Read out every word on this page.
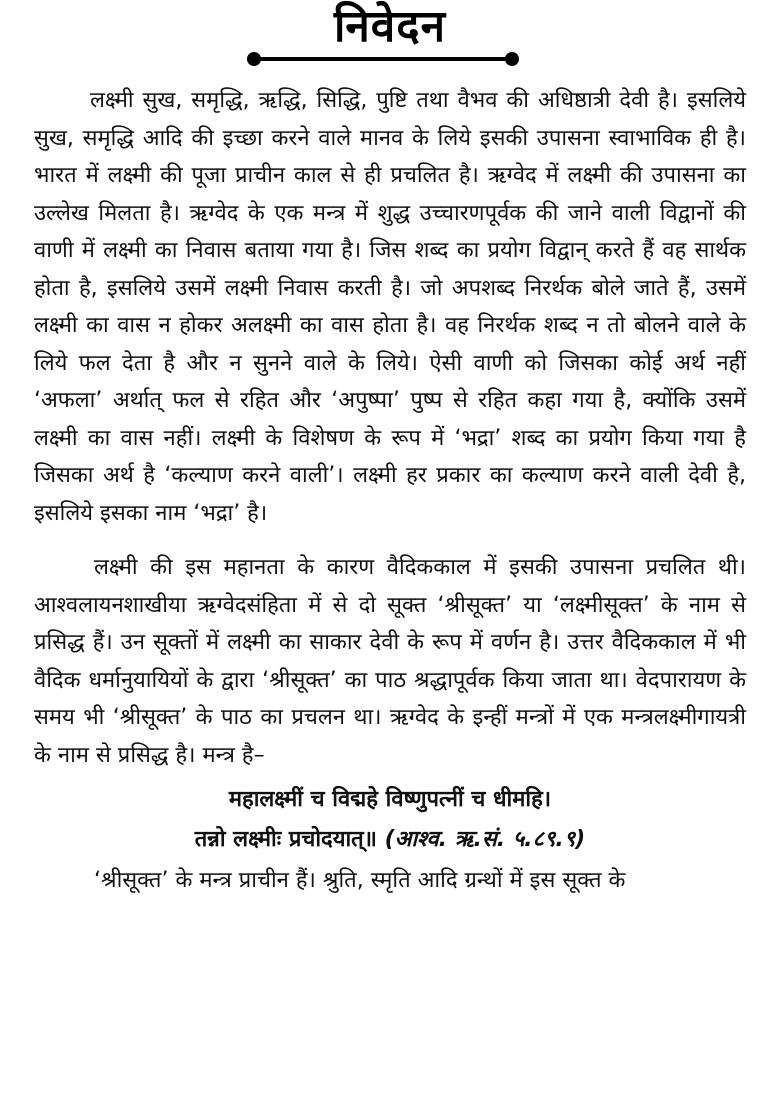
निवेदन

लक्ष्मी सुख, समृद्धि, ऋद्धि, सिद्धि, पुष्टि तथा वैभव की अधिष्ठात्री देवी है। इसलिये सुख, समृद्धि आदि की इच्छा करने वाले मानव के लिये इसकी उपासना स्वाभाविक ही है। भारत में लक्ष्मी की पूजा प्राचीन काल से ही प्रचलित है। ऋग्वेद में लक्ष्मी की उपासना का उल्लेख मिलता है। ऋग्वेद के एक मन्त्र में शुद्ध उच्चारणपूर्वक की जाने वाली विद्वानों की वाणी में लक्ष्मी का निवास बताया गया है। जिस शब्द का प्रयोग विद्वान् करते हैं वह सार्थक होता है, इसलिये उसमें लक्ष्मी निवास करती है। जो अपशब्द निरर्थक बोले जाते हैं, उसमें लक्ष्मी का वास न होकर अलक्ष्मी का वास होता है। वह निरर्थक शब्द न तो बोलने वाले के लिये फल देता है और न सुनने वाले के लिये। ऐसी वाणी को जिसका कोई अर्थ नहीं ‘अफला’ अर्थात् फल से रहित और ‘अपुष्पा’ पुष्प से रहित कहा गया है, क्योंकि उसमें लक्ष्मी का वास नहीं। लक्ष्मी के विशेषण के रूप में ‘भद्रा’ शब्द का प्रयोग किया गया है जिसका अर्थ है ‘कल्याण करने वाली’। लक्ष्मी हर प्रकार का कल्याण करने वाली देवी है, इसलिये इसका नाम ‘भद्रा’ है।

लक्ष्मी की इस महानता के कारण वैदिककाल में इसकी उपासना प्रचलित थी। आश्वलायनशाखीया ऋग्वेदसंहिता में से दो सूक्त ‘श्रीसूक्त’ या ‘लक्ष्मीसूक्त’ के नाम से प्रसिद्ध हैं। उन सूक्तों में लक्ष्मी का साकार देवी के रूप में वर्णन है। उत्तर वैदिककाल में भी वैदिक धर्मानुयायियों के द्वारा ‘श्रीसूक्त’ का पाठ श्रद्धापूर्वक किया जाता था। वेदपारायण के समय भी ‘श्रीसूक्त’ के पाठ का प्रचलन था। ऋग्वेद के इन्हीं मन्त्रों में एक मन्त्रलक्ष्मीगायत्री के नाम से प्रसिद्ध है। मन्त्र है–

महालक्ष्मीं च विद्महे विष्णुपत्नीं च धीमहि।

तन्नो लक्ष्मीः प्रचोदयात्॥ (आश्व. ऋ.सं. ५.८९.९)

‘श्रीसूक्त’ के मन्त्र प्राचीन हैं। श्रुति, स्मृति आदि ग्रन्थों में इस सूक्त के
